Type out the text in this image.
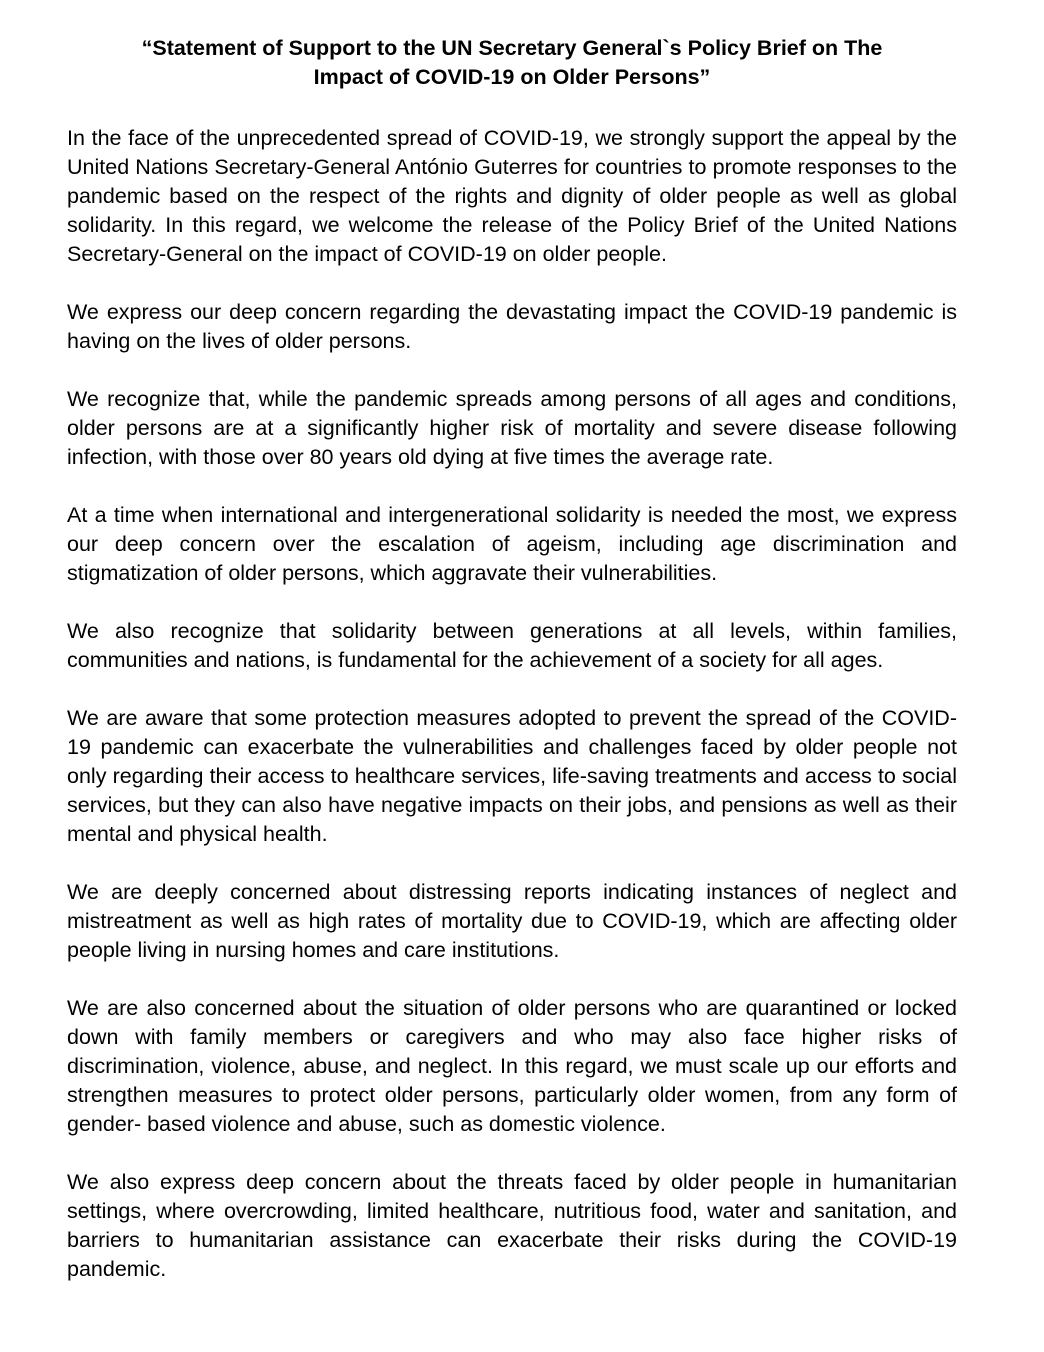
“Statement of Support to the UN Secretary General`s Policy Brief on The
Impact of COVID-19 on Older Persons”

In the face of the unprecedented spread of COVID-19, we strongly support the appeal by the United Nations Secretary-General António Guterres for countries to promote responses to the pandemic based on the respect of the rights and dignity of older people as well as global solidarity. In this regard, we welcome the release of the Policy Brief of the United Nations Secretary-General on the impact of COVID-19 on older people.

We express our deep concern regarding the devastating impact the COVID-19 pandemic is having on the lives of older persons.

We recognize that, while the pandemic spreads among persons of all ages and conditions, older persons are at a significantly higher risk of mortality and severe disease following infection, with those over 80 years old dying at five times the average rate.

At a time when international and intergenerational solidarity is needed the most, we express our deep concern over the escalation of ageism, including age discrimination and stigmatization of older persons, which aggravate their vulnerabilities.

We also recognize that solidarity between generations at all levels, within families, communities and nations, is fundamental for the achievement of a society for all ages.

We are aware that some protection measures adopted to prevent the spread of the COVID-19 pandemic can exacerbate the vulnerabilities and challenges faced by older people not only regarding their access to healthcare services, life-saving treatments and access to social services, but they can also have negative impacts on their jobs, and pensions as well as their mental and physical health.

We are deeply concerned about distressing reports indicating instances of neglect and mistreatment as well as high rates of mortality due to COVID-19, which are affecting older people living in nursing homes and care institutions.

We are also concerned about the situation of older persons who are quarantined or locked down with family members or caregivers and who may also face higher risks of discrimination, violence, abuse, and neglect. In this regard, we must scale up our efforts and strengthen measures to protect older persons, particularly older women, from any form of gender- based violence and abuse, such as domestic violence.

We also express deep concern about the threats faced by older people in humanitarian settings, where overcrowding, limited healthcare, nutritious food, water and sanitation, and barriers to humanitarian assistance can exacerbate their risks during the COVID-19 pandemic.
